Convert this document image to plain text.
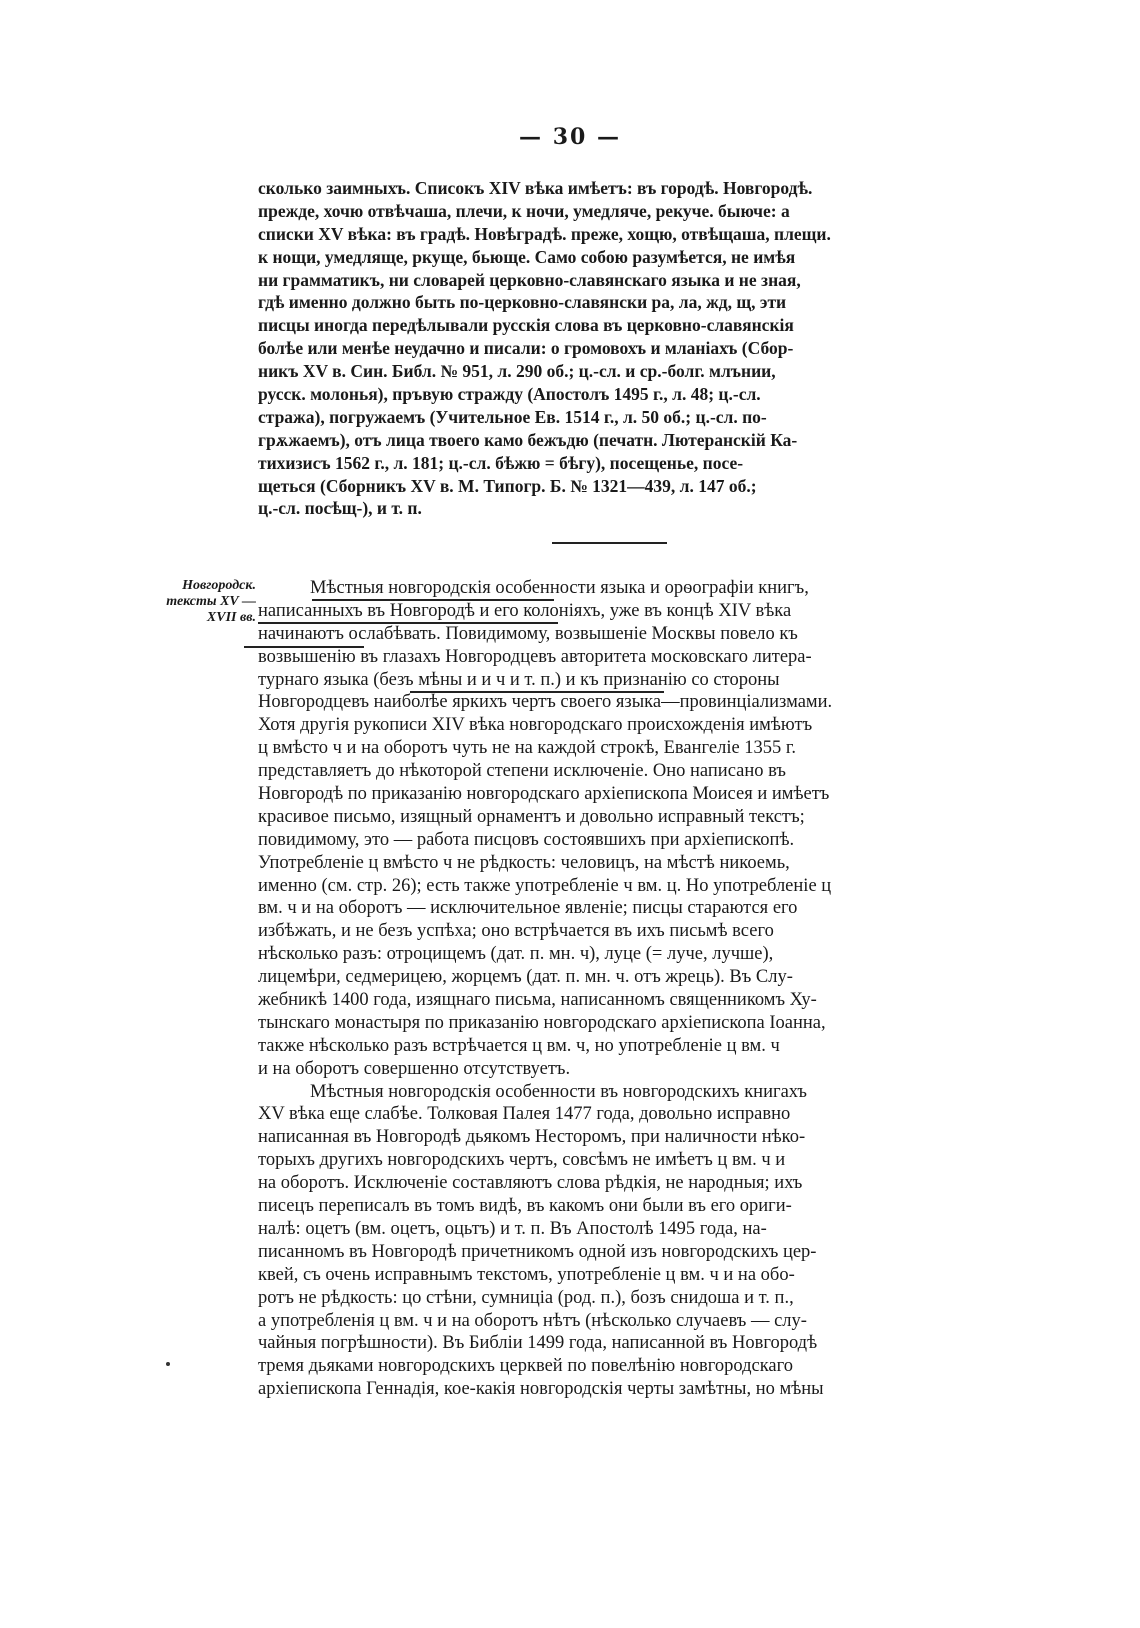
— 30 —
сколько заимныхъ. Списокъ XIV вѣка имѣетъ: въ городѣ. Новгородѣ.
прежде, хочю отвѣчаша, плечи, к ночи, умедляче, рекуче. быюче: а
списки XV вѣка: въ градѣ. Новѣградѣ. преже, хощю, отвѣщаша, плещи.
к нощи, умедляще, ркуще, бьюще. Само собою разумѣется, не имѣя
ни грамматикъ, ни словарей церковно-славянскаго языка и не зная,
гдѣ именно должно быть по-церковно-славянски ра, ла, жд, щ, эти
писцы иногда передѣлывали русскія слова въ церковно-славянскія
болѣе или менѣе неудачно и писали: о громовохъ и мланіахъ (Сбор-
никъ XV в. Син. Библ. № 951, л. 290 об.; ц.-сл. и ср.-болг. млънии,
русск. молонья), пръвую стражду (Апостолъ 1495 г., л. 48; ц.-сл.
стража), погружаемъ (Учительное Ев. 1514 г., л. 50 об.; ц.-сл. по-
грѫжаемъ), отъ лица твоего камо бежъдю (печатн. Лютеранскій Ка-
тихизисъ 1562 г., л. 181; ц.-сл. бѣжю = бѣгу), посещенье, посе-
щеться (Сборникъ XV в. М. Типогр. Б. № 1321—439, л. 147 об.;
ц.-сл. посѣщ-), и т. п.
Новгородск.
тексты XV —
XVII вв.
Мѣстныя новгородскія особенности языка и орѳографіи книгъ,
написанныхъ въ Новгородѣ и его колоніяхъ, уже въ концѣ XIV вѣка
начинаютъ ослабѣвать. Повидимому, возвышеніе Москвы повело къ
возвышенію въ глазахъ Новгородцевъ авторитета московскаго литера-
турнаго языка (безъ мѣны и и ч и т. п.) и къ признанію со стороны
Новгородцевъ наиболѣе яркихъ чертъ своего языка—провинціализмами.
Хотя другія рукописи XIV вѣка новгородскаго происхожденія имѣютъ
ц вмѣсто ч и на оборотъ чуть не на каждой строкѣ, Евангеліе 1355 г.
представляетъ до нѣкоторой степени исключеніе. Оно написано въ
Новгородѣ по приказанію новгородскаго архіепископа Моисея и имѣетъ
красивое письмо, изящный орнаментъ и довольно исправный текстъ;
повидимому, это — работа писцовъ состоявшихъ при архіепископѣ.
Употребленіе ц вмѣсто ч не рѣдкость: человицъ, на мѣстѣ никоемь,
именно (см. стр. 26); есть также употребленіе ч вм. ц. Но употребленіе ц
вм. ч и на оборотъ — исключительное явленіе; писцы стараются его
избѣжать, и не безъ успѣха; оно встрѣчается въ ихъ письмѣ всего
нѣсколько разъ: отроцищемъ (дат. п. мн. ч), луце (= луче, лучше),
лицемѣри, седмерицею, жорцемъ (дат. п. мн. ч. отъ жрець). Въ Слу-
жебникѣ 1400 года, изящнаго письма, написанномъ священникомъ Ху-
тынскаго монастыря по приказанію новгородскаго архіепископа Іоанна,
также нѣсколько разъ встрѣчается ц вм. ч, но употребленіе ц вм. ч
и на оборотъ совершенно отсутствуетъ.
Мѣстныя новгородскія особенности въ новгородскихъ книгахъ
XV вѣка еще слабѣе. Толковая Палея 1477 года, довольно исправно
написанная въ Новгородѣ дьякомъ Несторомъ, при наличности нѣко-
торыхъ другихъ новгородскихъ чертъ, совсѣмъ не имѣетъ ц вм. ч и
на оборотъ. Исключеніе составляютъ слова рѣдкія, не народныя; ихъ
писецъ переписалъ въ томъ видѣ, въ какомъ они были въ его ориги-
налѣ: оцетъ (вм. оцетъ, оцьтъ) и т. п. Въ Апостолѣ 1495 года, на-
писанномъ въ Новгородѣ причетникомъ одной изъ новгородскихъ цер-
квей, съ очень исправнымъ текстомъ, употребленіе ц вм. ч и на обо-
ротъ не рѣдкость: цо стѣни, сумницiа (род. п.), бозъ снидоша и т. п.,
а употребленія ц вм. ч и на оборотъ нѣтъ (нѣсколько случаевъ — слу-
чайныя погрѣшности). Въ Библіи 1499 года, написанной въ Новгородѣ
тремя дьяками новгородскихъ церквей по повелѣнію новгородскаго
архіепископа Геннадія, кое-какія новгородскія черты замѣтны, но мѣны
